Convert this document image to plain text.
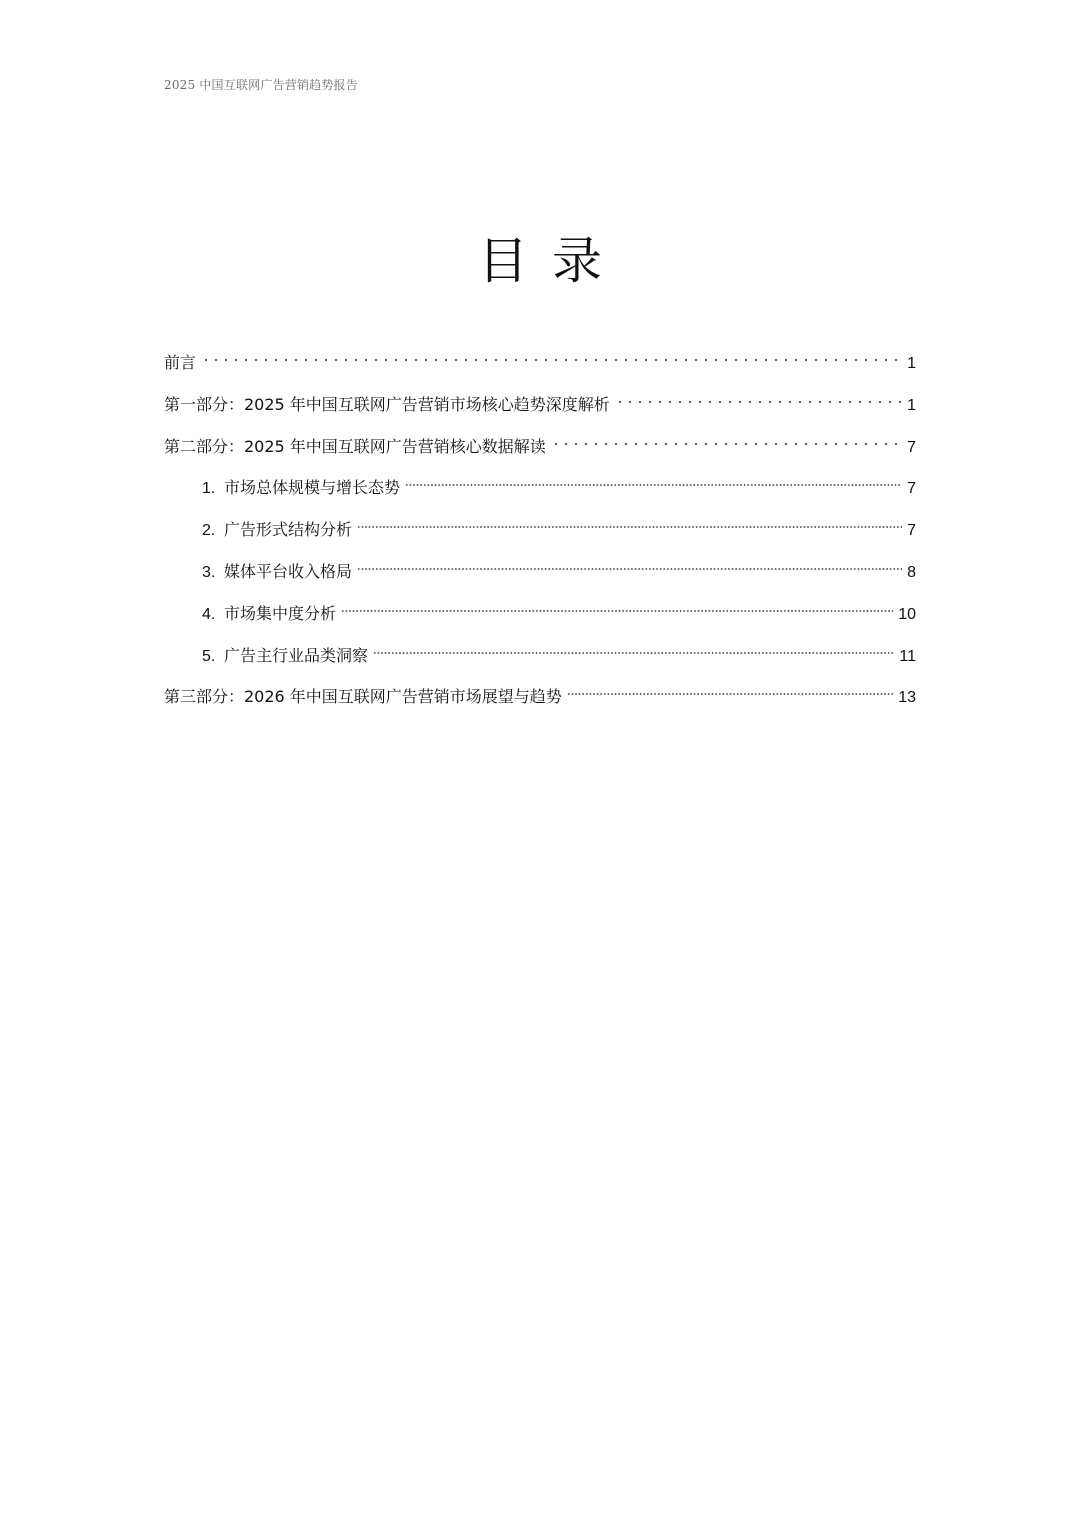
2025 中国互联网广告营销趋势报告
目录
前言	1
第一部分：2025 年中国互联网广告营销市场核心趋势深度解析	1
第二部分：2025 年中国互联网广告营销核心数据解读	7
1. 市场总体规模与增长态势	7
2. 广告形式结构分析	7
3. 媒体平台收入格局	8
4. 市场集中度分析	10
5. 广告主行业品类洞察	11
第三部分：2026 年中国互联网广告营销市场展望与趋势	13
